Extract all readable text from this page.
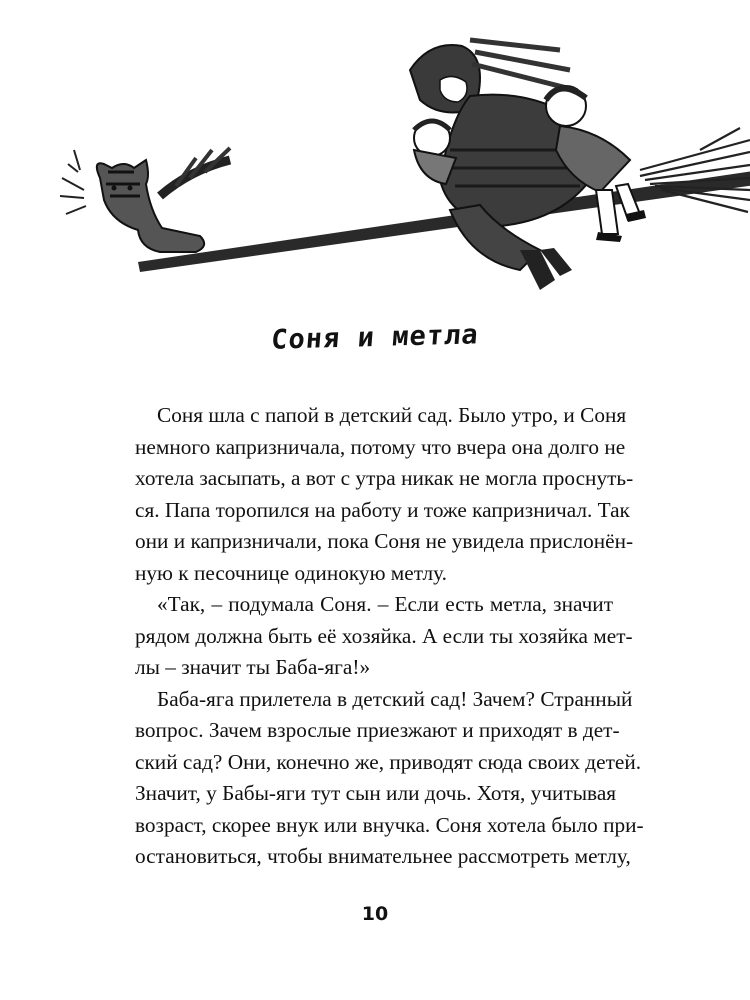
Соня и метла
Соня шла с папой в детский сад. Было утро, и Соня
немного капризничала, потому что вчера она долго не
хотела засыпать, а вот с утра никак не могла проснуть-
ся. Папа торопился на работу и тоже капризничал. Так
они и капризничали, пока Соня не увидела прислонён-
ную к песочнице одинокую метлу.
«Так, – подумала Соня. – Если есть метла, значит
рядом должна быть её хозяйка. А если ты хозяйка мет-
лы – значит ты Баба-яга!»
Баба-яга прилетела в детский сад! Зачем? Странный
вопрос. Зачем взрослые приезжают и приходят в дет-
ский сад? Они, конечно же, приводят сюда своих детей.
Значит, у Бабы-яги тут сын или дочь. Хотя, учитывая
возраст, скорее внук или внучка. Соня хотела было при-
остановиться, чтобы внимательнее рассмотреть метлу,
10
